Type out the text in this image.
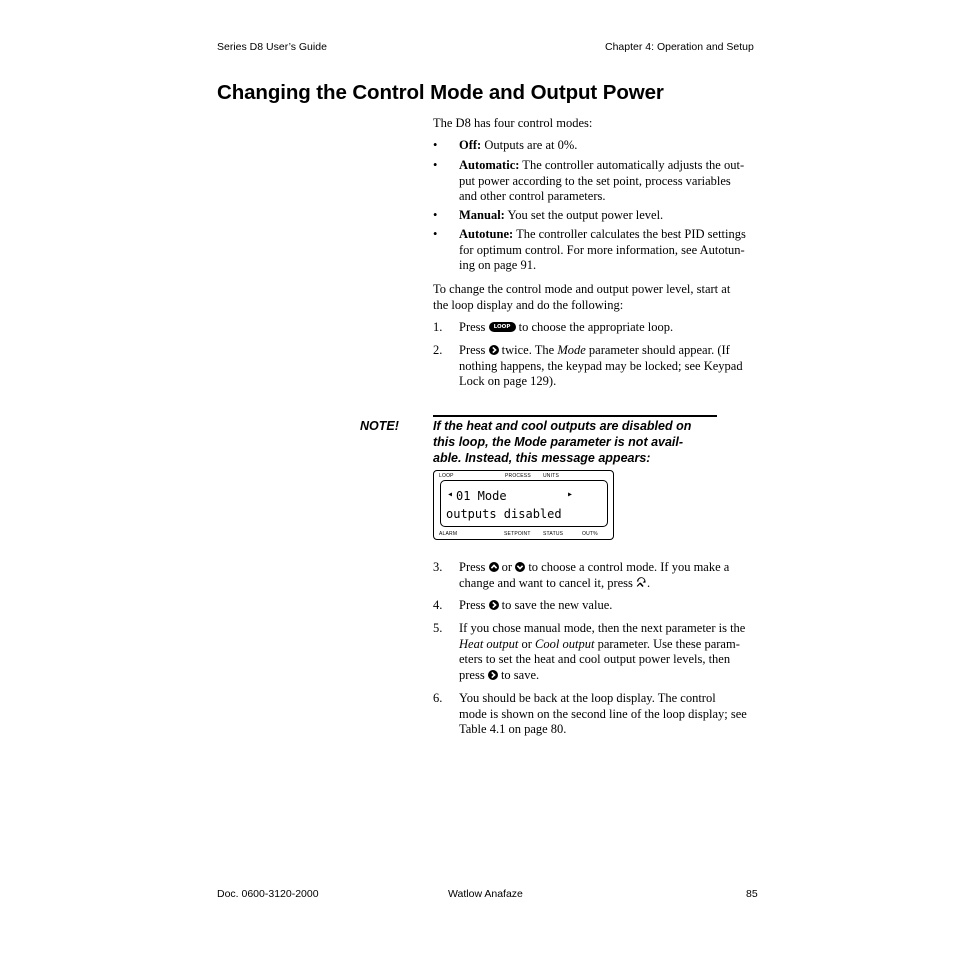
Series D8 User’s Guide	Chapter 4: Operation and Setup
Changing the Control Mode and Output Power
The D8 has four control modes:
• Off: Outputs are at 0%.
• Automatic: The controller automatically adjusts the out-
put power according to the set point, process variables
and other control parameters.
• Manual: You set the output power level.
• Autotune: The controller calculates the best PID settings
for optimum control. For more information, see Autotun-
ing on page 91.
To change the control mode and output power level, start at
the loop display and do the following:
1. Press LOOP to choose the appropriate loop.
2. Press  twice. The Mode parameter should appear. (If
nothing happens, the keypad may be locked; see Keypad
Lock on page 129).
NOTE!	If the heat and cool outputs are disabled on
this loop, the Mode parameter is not avail-
able. Instead, this message appears:
LOOP	PROCESS UNITS
◂ 01 Mode	▸
outputs disabled
ALARM	SETPOINT STATUS	OUT%
3. Press  or  to choose a control mode. If you make a
change and want to cancel it, press .
4. Press  to save the new value.
5. If you chose manual mode, then the next parameter is the
Heat output or Cool output parameter. Use these param-
eters to set the heat and cool output power levels, then
press  to save.
6. You should be back at the loop display. The control
mode is shown on the second line of the loop display; see
Table 4.1 on page 80.
Doc. 0600-3120-2000	Watlow Anafaze	85
